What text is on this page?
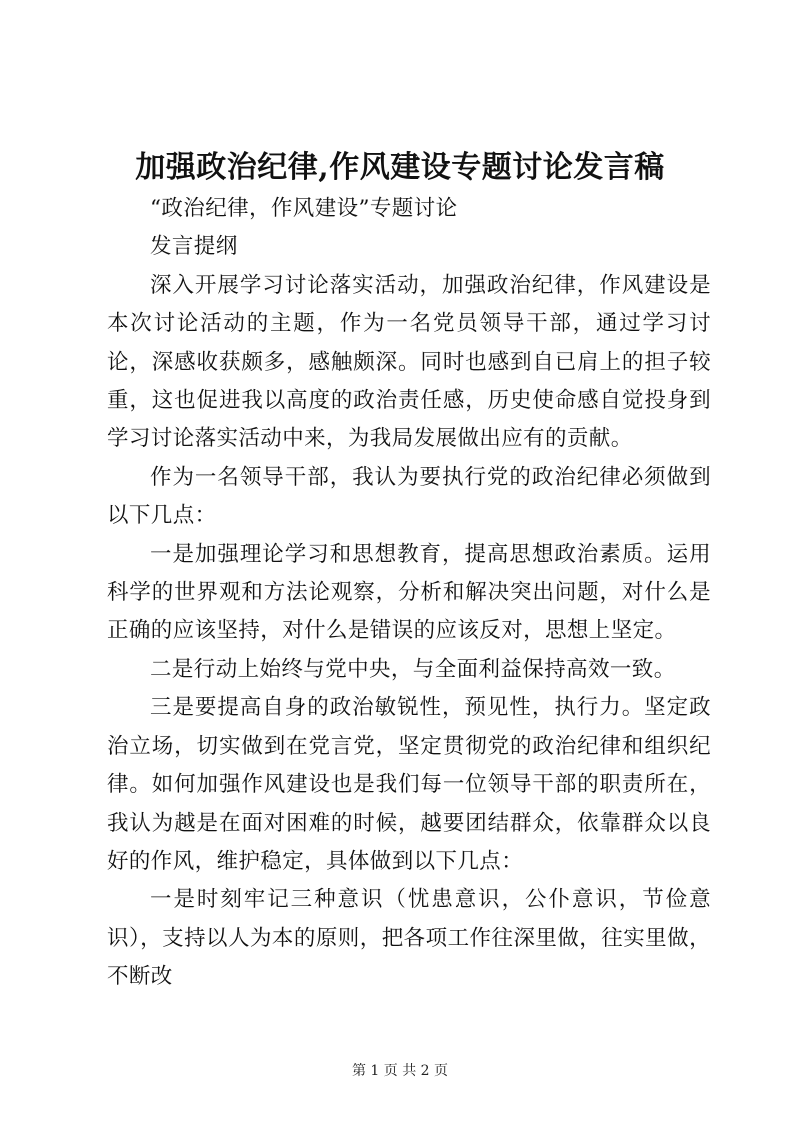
加强政治纪律,作风建设专题讨论发言稿

“政治纪律，作风建设”专题讨论

发言提纲

深入开展学习讨论落实活动，加强政治纪律，作风建设是本次讨论活动的主题，作为一名党员领导干部，通过学习讨论，深感收获颇多，感触颇深。同时也感到自已肩上的担子较重，这也促进我以高度的政治责任感，历史使命感自觉投身到学习讨论落实活动中来，为我局发展做出应有的贡献。

作为一名领导干部，我认为要执行党的政治纪律必须做到以下几点：

一是加强理论学习和思想教育，提高思想政治素质。运用科学的世界观和方法论观察，分析和解决突出问题，对什么是正确的应该坚持，对什么是错误的应该反对，思想上坚定。

二是行动上始终与党中央，与全面利益保持高效一致。

三是要提高自身的政治敏锐性，预见性，执行力。坚定政治立场，切实做到在党言党，坚定贯彻党的政治纪律和组织纪律。如何加强作风建设也是我们每一位领导干部的职责所在，我认为越是在面对困难的时候，越要团结群众，依靠群众以良好的作风，维护稳定，具体做到以下几点：

一是时刻牢记三种意识（忧患意识，公仆意识，节俭意识），支持以人为本的原则，把各项工作往深里做，往实里做，不断改

第 1 页 共 2 页
